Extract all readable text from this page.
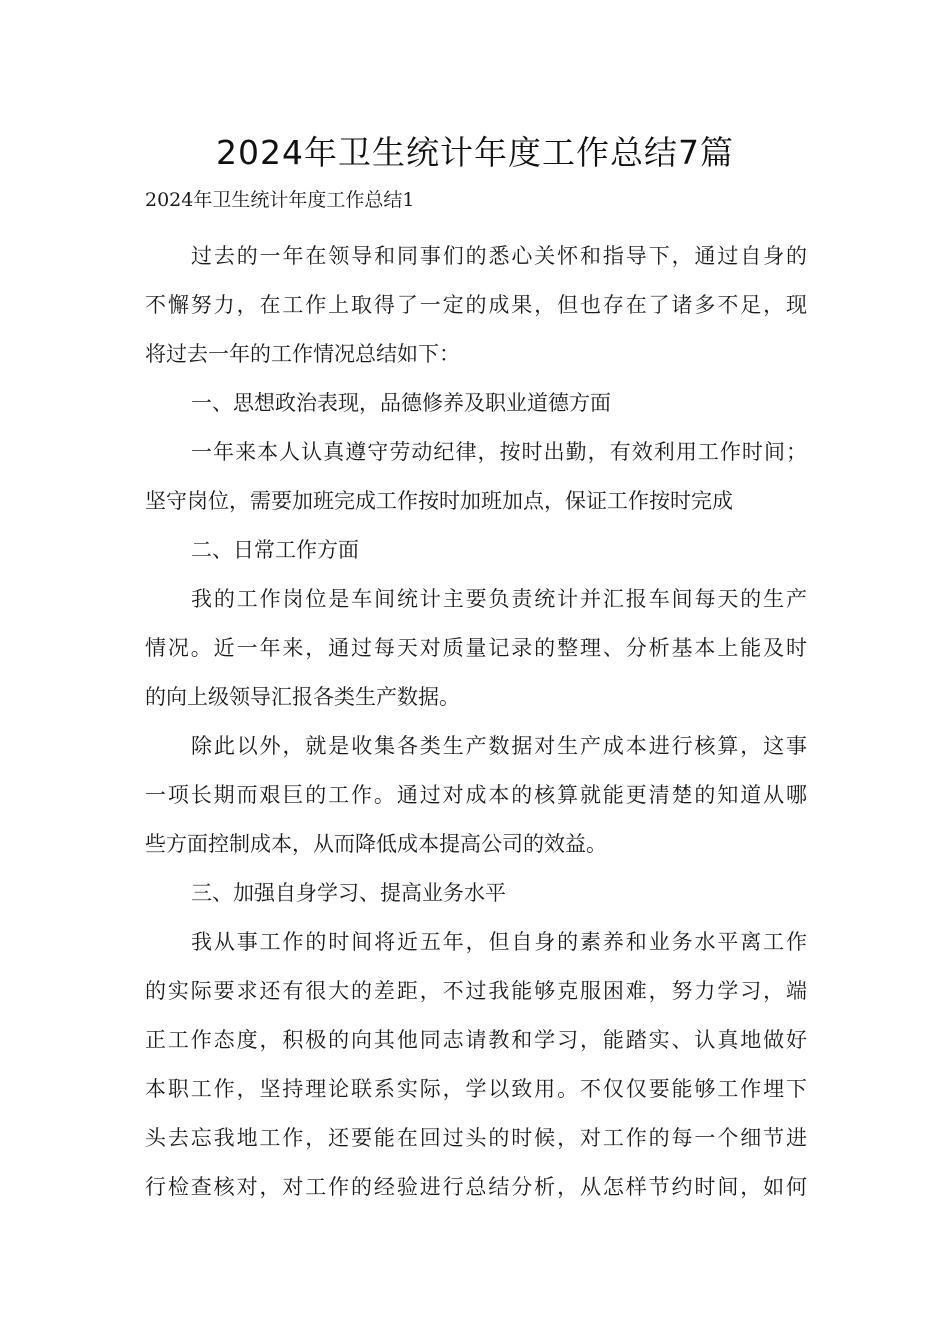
2024年卫生统计年度工作总结7篇

2024年卫生统计年度工作总结1

过去的一年在领导和同事们的悉心关怀和指导下，通过自身的
不懈努力，在工作上取得了一定的成果，但也存在了诸多不足，现
将过去一年的工作情况总结如下：
一、思想政治表现，品德修养及职业道德方面
一年来本人认真遵守劳动纪律，按时出勤，有效利用工作时间；
坚守岗位，需要加班完成工作按时加班加点，保证工作按时完成
二、日常工作方面
我的工作岗位是车间统计主要负责统计并汇报车间每天的生产
情况。近一年来，通过每天对质量记录的整理、分析基本上能及时
的向上级领导汇报各类生产数据。
除此以外，就是收集各类生产数据对生产成本进行核算，这事
一项长期而艰巨的工作。通过对成本的核算就能更清楚的知道从哪
些方面控制成本，从而降低成本提高公司的效益。
三、加强自身学习、提高业务水平
我从事工作的时间将近五年，但自身的素养和业务水平离工作
的实际要求还有很大的差距，不过我能够克服困难，努力学习，端
正工作态度，积极的向其他同志请教和学习，能踏实、认真地做好
本职工作，坚持理论联系实际，学以致用。不仅仅要能够工作埋下
头去忘我地工作，还要能在回过头的时候，对工作的每一个细节进
行检查核对，对工作的经验进行总结分析，从怎样节约时间，如何
